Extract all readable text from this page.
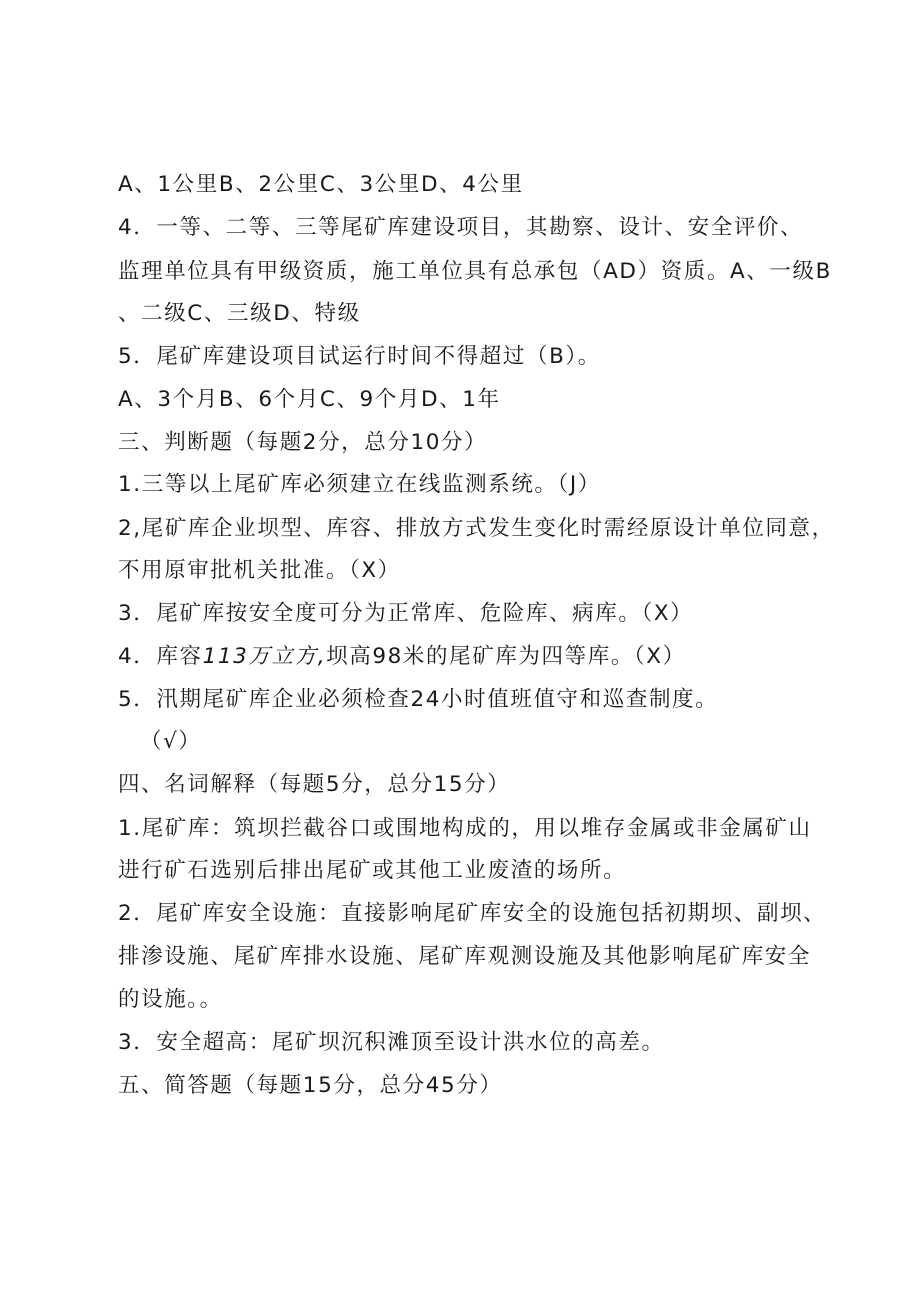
A、1公里B、2公里C、3公里D、4公里
4．一等、二等、三等尾矿库建设项目，其勘察、设计、安全评价、
监理单位具有甲级资质，施工单位具有总承包（AD）资质。A、一级B
、二级C、三级D、特级
5．尾矿库建设项目试运行时间不得超过（B）。
A、3个月B、6个月C、9个月D、1年
三、判断题（每题2分，总分10分）
1.三等以上尾矿库必须建立在线监测系统。（J）
2,尾矿库企业坝型、库容、排放方式发生变化时需经原设计单位同意，
不用原审批机关批准。（X）
3．尾矿库按安全度可分为正常库、危险库、病库。（X）
4．库容113万立方,坝高98米的尾矿库为四等库。（X）
5．汛期尾矿库企业必须检查24小时值班值守和巡查制度。
（√）
四、名词解释（每题5分，总分15分）
1.尾矿库：筑坝拦截谷口或围地构成的，用以堆存金属或非金属矿山
进行矿石选别后排出尾矿或其他工业废渣的场所。
2．尾矿库安全设施：直接影响尾矿库安全的设施包括初期坝、副坝、
排渗设施、尾矿库排水设施、尾矿库观测设施及其他影响尾矿库安全
的设施。。
3．安全超高：尾矿坝沉积滩顶至设计洪水位的高差。
五、简答题（每题15分，总分45分）
